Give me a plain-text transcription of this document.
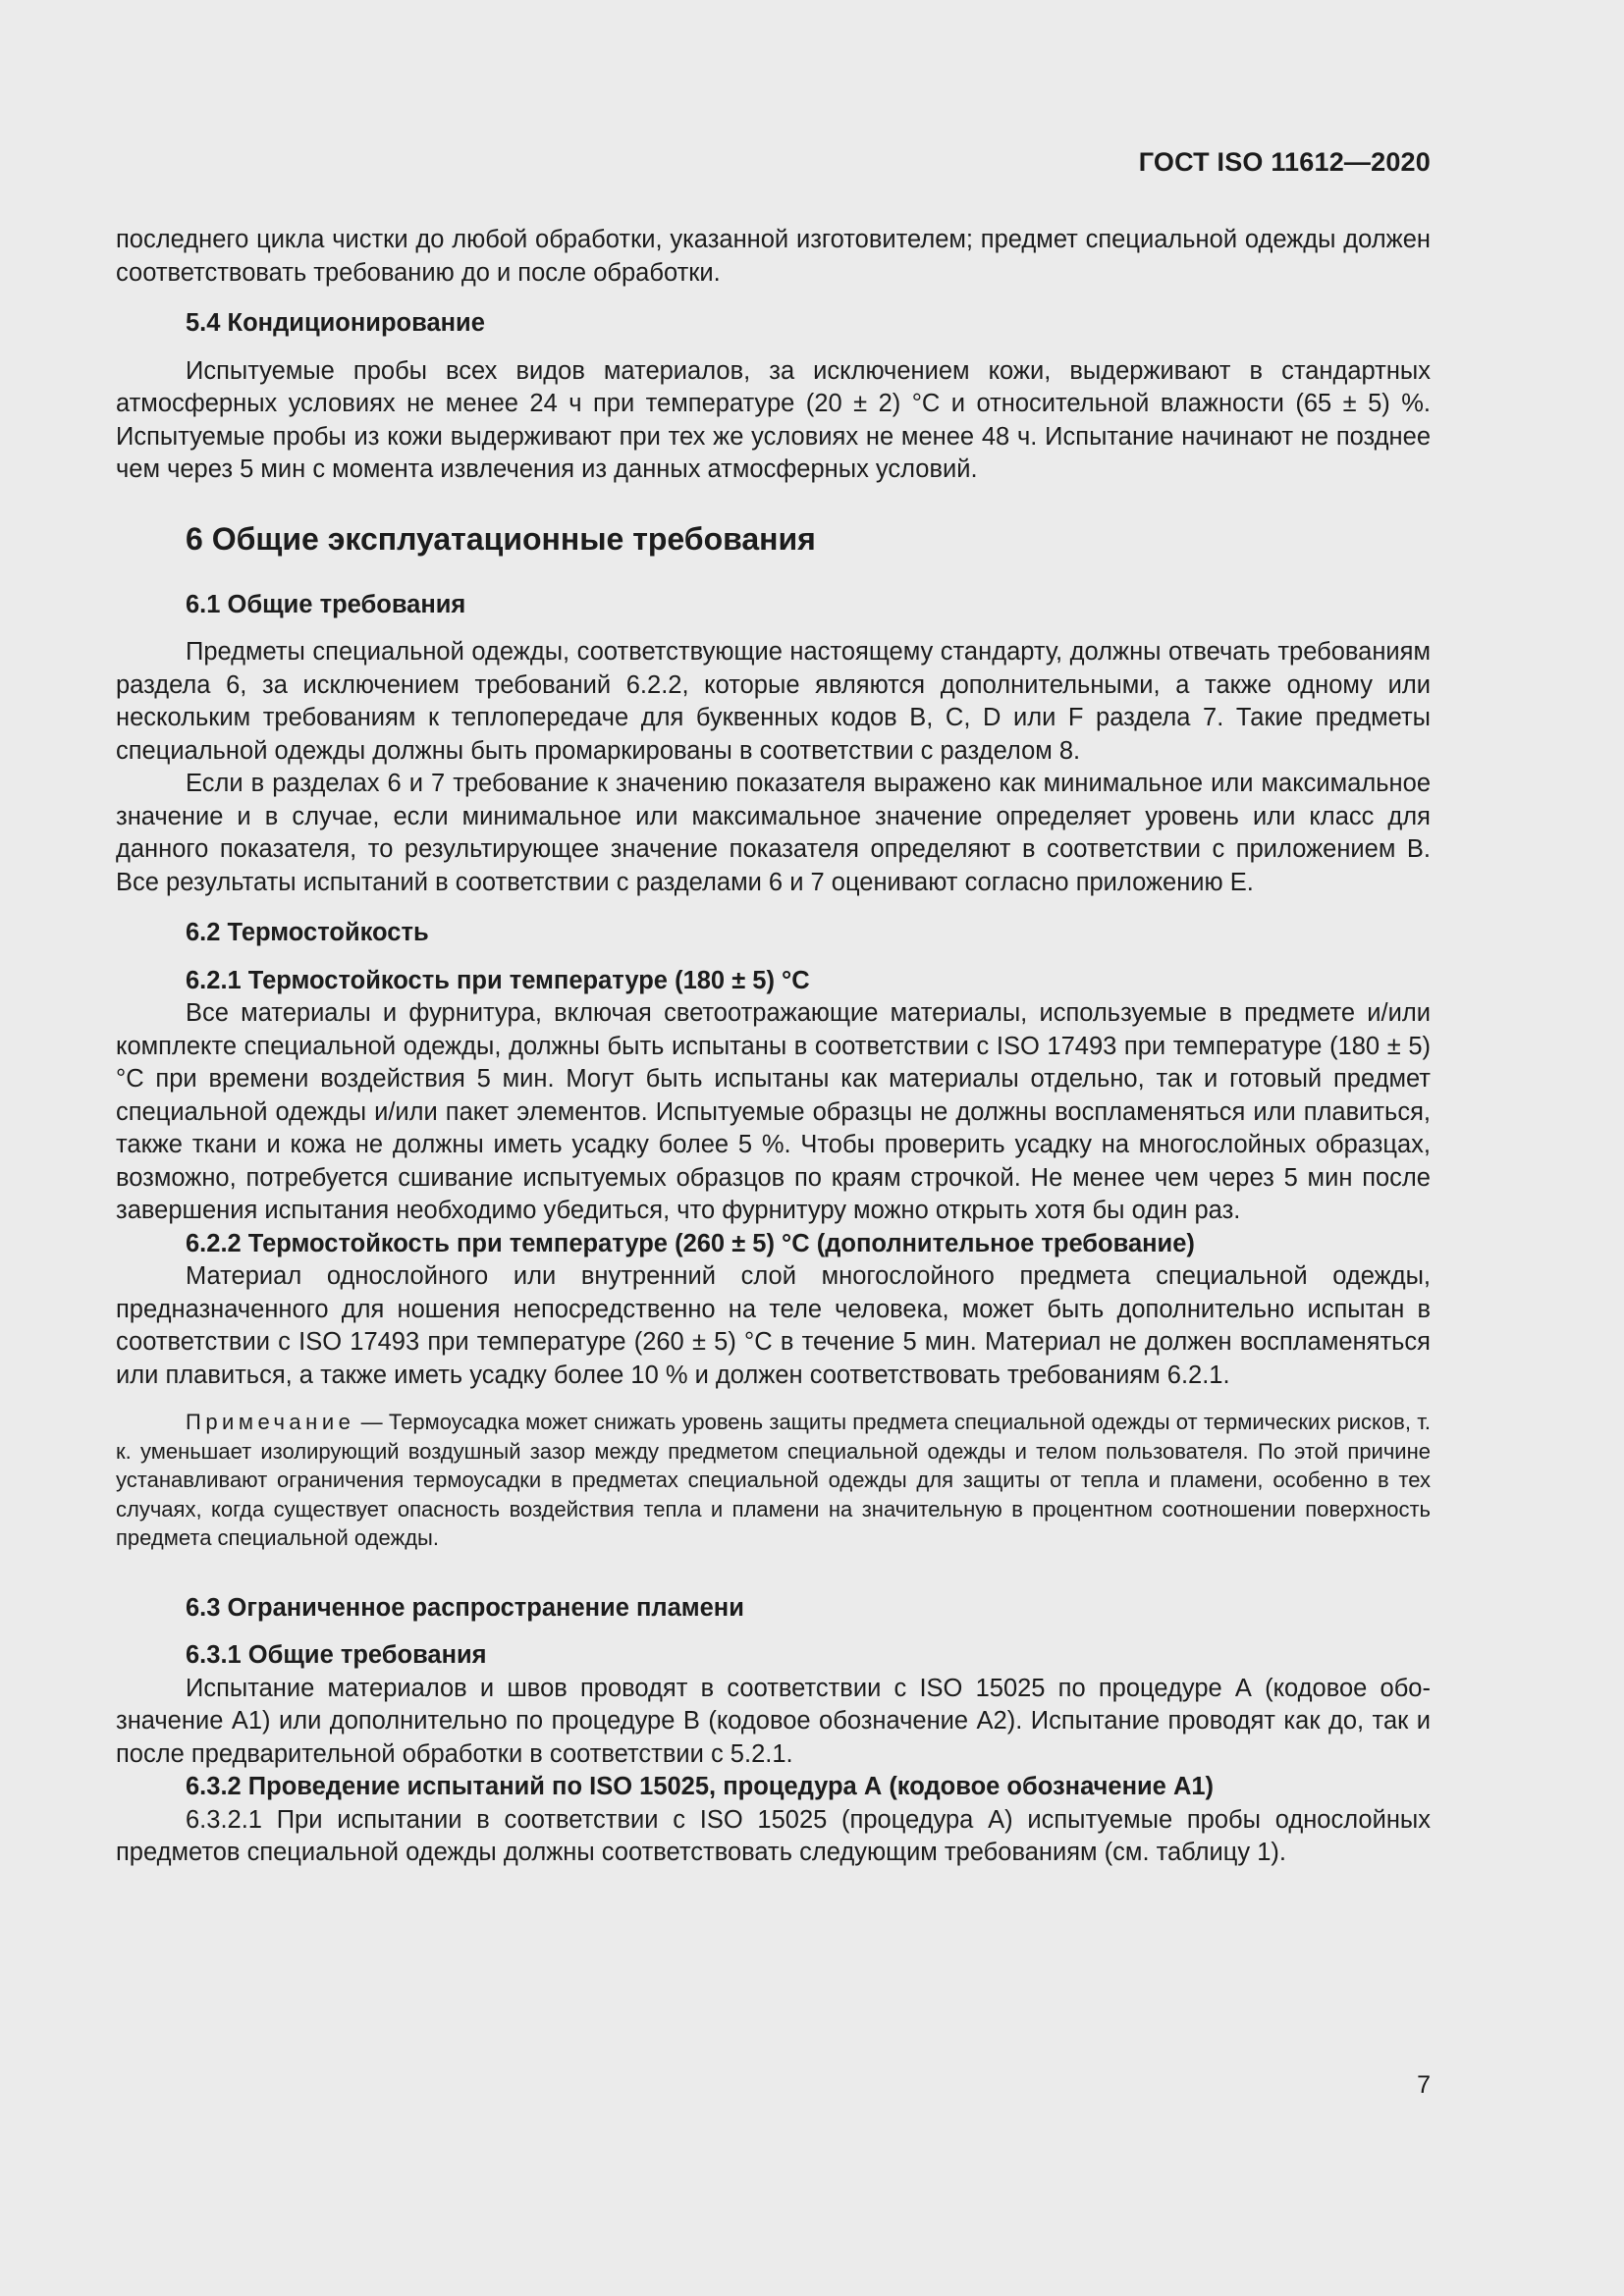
ГОСТ ISO 11612—2020

последнего цикла чистки до любой обработки, указанной изготовителем; предмет специальной одежды должен соответствовать требованию до и после обработки.

5.4 Кондиционирование

Испытуемые пробы всех видов материалов, за исключением кожи, выдерживают в стандартных атмосферных условиях не менее 24 ч при температуре (20 ± 2) °C и относительной влажности (65 ± 5) %. Испытуемые пробы из кожи выдерживают при тех же условиях не менее 48 ч. Испытание начинают не позднее чем через 5 мин с момента извлечения из данных атмосферных условий.

6 Общие эксплуатационные требования
6.1 Общие требования

Предметы специальной одежды, соответствующие настоящему стандарту, должны отвечать требованиям раздела 6, за исключением требований 6.2.2, которые являются дополнительными, а также одному или нескольким требованиям к теплопередаче для буквенных кодов B, C, D или F раздела 7. Такие предметы специальной одежды должны быть промаркированы в соответствии с разделом 8.

Если в разделах 6 и 7 требование к значению показателя выражено как минимальное или максимальное значение и в случае, если минимальное или максимальное значение определяет уровень или класс для данного показателя, то результирующее значение показателя определяют в соответствии с приложением В. Все результаты испытаний в соответствии с разделами 6 и 7 оценивают согласно приложению Е.

6.2 Термостойкость
6.2.1 Термостойкость при температуре (180 ± 5) °C

Все материалы и фурнитура, включая светоотражающие материалы, используемые в предмете и/или комплекте специальной одежды, должны быть испытаны в соответствии с ISO 17493 при температуре (180 ± 5) °C при времени воздействия 5 мин. Могут быть испытаны как материалы отдельно, так и готовый предмет специальной одежды и/или пакет элементов. Испытуемые образцы не должны воспламеняться или плавиться, также ткани и кожа не должны иметь усадку более 5 %. Чтобы проверить усадку на многослойных образцах, возможно, потребуется сшивание испытуемых образцов по краям строчкой. Не менее чем через 5 мин после завершения испытания необходимо убедиться, что фурнитуру можно открыть хотя бы один раз.

6.2.2 Термостойкость при температуре (260 ± 5) °C (дополнительное требование)

Материал однослойного или внутренний слой многослойного предмета специальной одежды, предназначенного для ношения непосредственно на теле человека, может быть дополнительно испытан в соответствии с ISO 17493 при температуре (260 ± 5) °C в течение 5 мин. Материал не должен воспламеняться или плавиться, а также иметь усадку более 10 % и должен соответствовать требованиям 6.2.1.

Примечание — Термоусадка может снижать уровень защиты предмета специальной одежды от термических рисков, т. к. уменьшает изолирующий воздушный зазор между предметом специальной одежды и телом пользователя. По этой причине устанавливают ограничения термоусадки в предметах специальной одежды для защиты от тепла и пламени, особенно в тех случаях, когда существует опасность воздействия тепла и пламени на значительную в процентном соотношении поверхность предмета специальной одежды.

6.3 Ограниченное распространение пламени
6.3.1 Общие требования

Испытание материалов и швов проводят в соответствии с ISO 15025 по процедуре А (кодовое обозначение А1) или дополнительно по процедуре В (кодовое обозначение А2). Испытание проводят как до, так и после предварительной обработки в соответствии с 5.2.1.

6.3.2 Проведение испытаний по ISO 15025, процедура А (кодовое обозначение А1)

6.3.2.1 При испытании в соответствии с ISO 15025 (процедура А) испытуемые пробы однослойных предметов специальной одежды должны соответствовать следующим требованиям (см. таблицу 1).

7
